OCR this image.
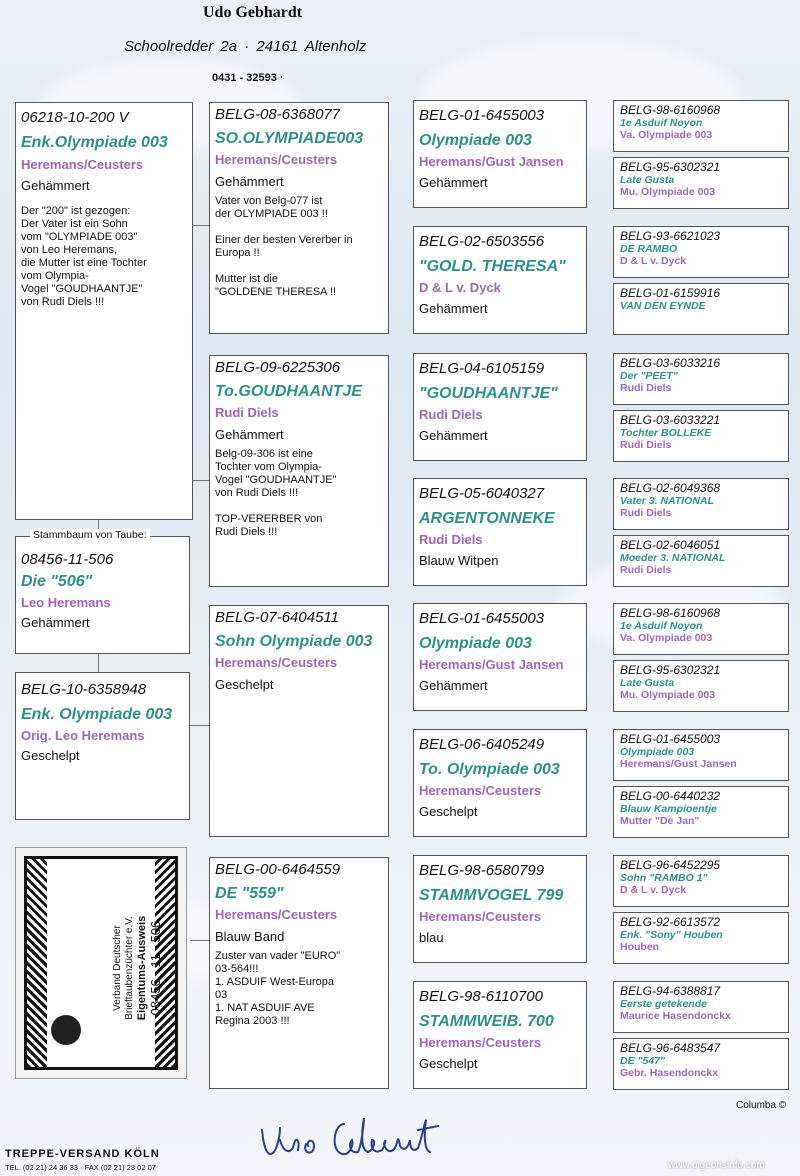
Udo Gebhardt
Schoolredder 2a · 24161 Altenholz
0431 - 32593 ·
Stammbaum von Taube:
08456-11-506
Die "506"
Leo Heremans
Gehämmert
06218-10-200 V
Enk.Olympiade 003
Heremans/Ceusters
Gehämmert
Der "200" ist gezogen:
Der Vater ist ein Sohn
vom "OLYMPIADE 003"
von Leo Heremans,
die Mutter ist eine Tochter
vom Olympia-
Vogel "GOUDHAANTJE"
von Rudi Diels !!!
BELG-10-6358948
Enk. Olympiade 003
Orig. Leo Heremans
Geschelpt
Verband Deutscher Brieftaubenzüchter e.V. Eigentums-Ausweis 08456 11 506
BELG-08-6368077
SO.OLYMPIADE003
Heremans/Ceusters
Gehämmert
Vater von Belg-077 ist
der OLYMPIADE 003 !!

Einer der besten Vererber in
Europa !!

Mutter ist die
"GOLDENE THERESA !!
BELG-09-6225306
To.GOUDHAANTJE
Rudi Diels
Gehämmert
Belg-09-306 ist eine
Tochter vom Olympia-
Vogel "GOUDHAANTJE"
von Rudi Diels !!!

TOP-VERERBER von
Rudi Diels !!!
BELG-07-6404511
Sohn Olympiade 003
Heremans/Ceusters
Geschelpt
BELG-00-6464559
DE "559"
Heremans/Ceusters
Blauw Band
Zuster van vader "EURO"
03-564!!!
1. ASDUIF West-Europa
03
1. NAT ASDUIF AVE
Regina 2003 !!!
BELG-01-6455003
Olympiade 003
Heremans/Gust Jansen
Gehämmert
BELG-02-6503556
"GOLD. THERESA"
D & L v. Dyck
Gehämmert
BELG-04-6105159
"GOUDHAANTJE"
Rudi Diels
Gehämmert
BELG-05-6040327
ARGENTONNEKE
Rudi Diels
Blauw Witpen
BELG-01-6455003
Olympiade 003
Heremans/Gust Jansen
Gehämmert
BELG-06-6405249
To. Olympiade 003
Heremans/Ceusters
Geschelpt
BELG-98-6580799
STAMMVOGEL 799
Heremans/Ceusters
blau
BELG-98-6110700
STAMMWEIB. 700
Heremans/Ceusters
Geschelpt
BELG-98-6160968
1e Asduif Noyon
Va. Olympiade 003
BELG-95-6302321
Late Gusta
Mu. Olympiade 003
BELG-93-6621023
DE RAMBO
D & L v. Dyck
BELG-01-6159916
VAN DEN EYNDE
BELG-03-6033216
Der "PEET"
Rudi Diels
BELG-03-6033221
Tochter BOLLEKE
Rudi Diels
BELG-02-6049368
Vater 3. NATIONAL
Rudi Diels
BELG-02-6046051
Moeder 3. NATIONAL
Rudi Diels
BELG-98-6160968
1e Asduif Noyon
Va. Olympiade 003
BELG-95-6302321
Late Gusta
Mu. Olympiade 003
BELG-01-6455003
Olympiade 003
Heremans/Gust Jansen
BELG-00-6440232
Blauw Kampioentje
Mutter "De Jan"
BELG-96-6452295
Sohn "RAMBO 1"
D & L v. Dyck
BELG-92-6613572
Enk. "Sony" Houben
Houben
BELG-94-6388817
Eerste getekende
Maurice Hasendonckx
BELG-96-6483547
DE "547"
Gebr. Hasendonckx
Columba ©
TREPPE-VERSAND KÖLN
TEL. (02 21) 24 36 33 · FAX (02 21) 23 02 07	www.pigeonsinfo.com
